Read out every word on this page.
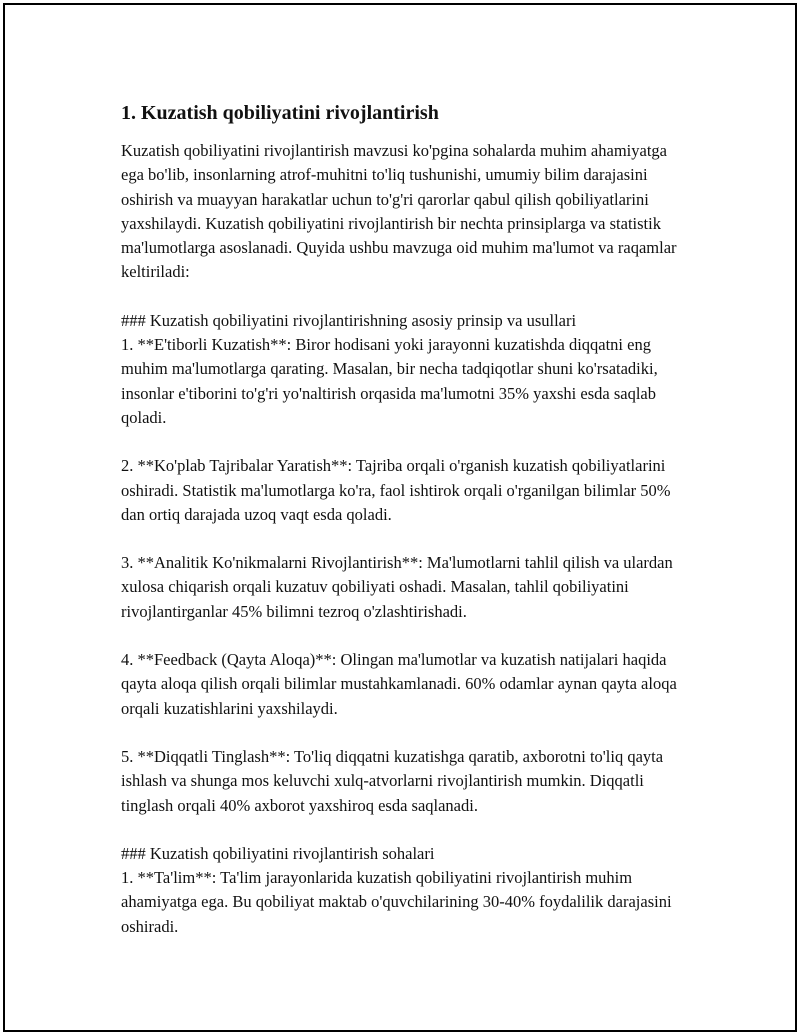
1. Kuzatish qobiliyatini rivojlantirish

Kuzatish qobiliyatini rivojlantirish mavzusi ko'pgina sohalarda muhim ahamiyatga ega bo'lib, insonlarning atrof-muhitni to'liq tushunishi, umumiy bilim darajasini oshirish va muayyan harakatlar uchun to'g'ri qarorlar qabul qilish qobiliyatlarini yaxshilaydi. Kuzatish qobiliyatini rivojlantirish bir nechta prinsiplarga va statistik ma'lumotlarga asoslanadi. Quyida ushbu mavzuga oid muhim ma'lumot va raqamlar keltiriladi:

### Kuzatish qobiliyatini rivojlantirishning asosiy prinsip va usullari
1. **E'tiborli Kuzatish**: Biror hodisani yoki jarayonni kuzatishda diqqatni eng muhim ma'lumotlarga qarating. Masalan, bir necha tadqiqotlar shuni ko'rsatadiki, insonlar e'tiborini to'g'ri yo'naltirish orqasida ma'lumotni 35% yaxshi esda saqlab qoladi.

2. **Ko'plab Tajribalar Yaratish**: Tajriba orqali o'rganish kuzatish qobiliyatlarini oshiradi. Statistik ma'lumotlarga ko'ra, faol ishtirok orqali o'rganilgan bilimlar 50% dan ortiq darajada uzoq vaqt esda qoladi.

3. **Analitik Ko'nikmalarni Rivojlantirish**: Ma'lumotlarni tahlil qilish va ulardan xulosa chiqarish orqali kuzatuv qobiliyati oshadi. Masalan, tahlil qobiliyatini rivojlantirganlar 45% bilimni tezroq o'zlashtirishadi.

4. **Feedback (Qayta Aloqa)**: Olingan ma'lumotlar va kuzatish natijalari haqida qayta aloqa qilish orqali bilimlar mustahkamlanadi. 60% odamlar aynan qayta aloqa orqali kuzatishlarini yaxshilaydi.

5. **Diqqatli Tinglash**: To'liq diqqatni kuzatishga qaratib, axborotni to'liq qayta ishlash va shunga mos keluvchi xulq-atvorlarni rivojlantirish mumkin. Diqqatli tinglash orqali 40% axborot yaxshiroq esda saqlanadi.

### Kuzatish qobiliyatini rivojlantirish sohalari
1. **Ta'lim**: Ta'lim jarayonlarida kuzatish qobiliyatini rivojlantirish muhim ahamiyatga ega. Bu qobiliyat maktab o'quvchilarining 30-40% foydalilik darajasini oshiradi.
